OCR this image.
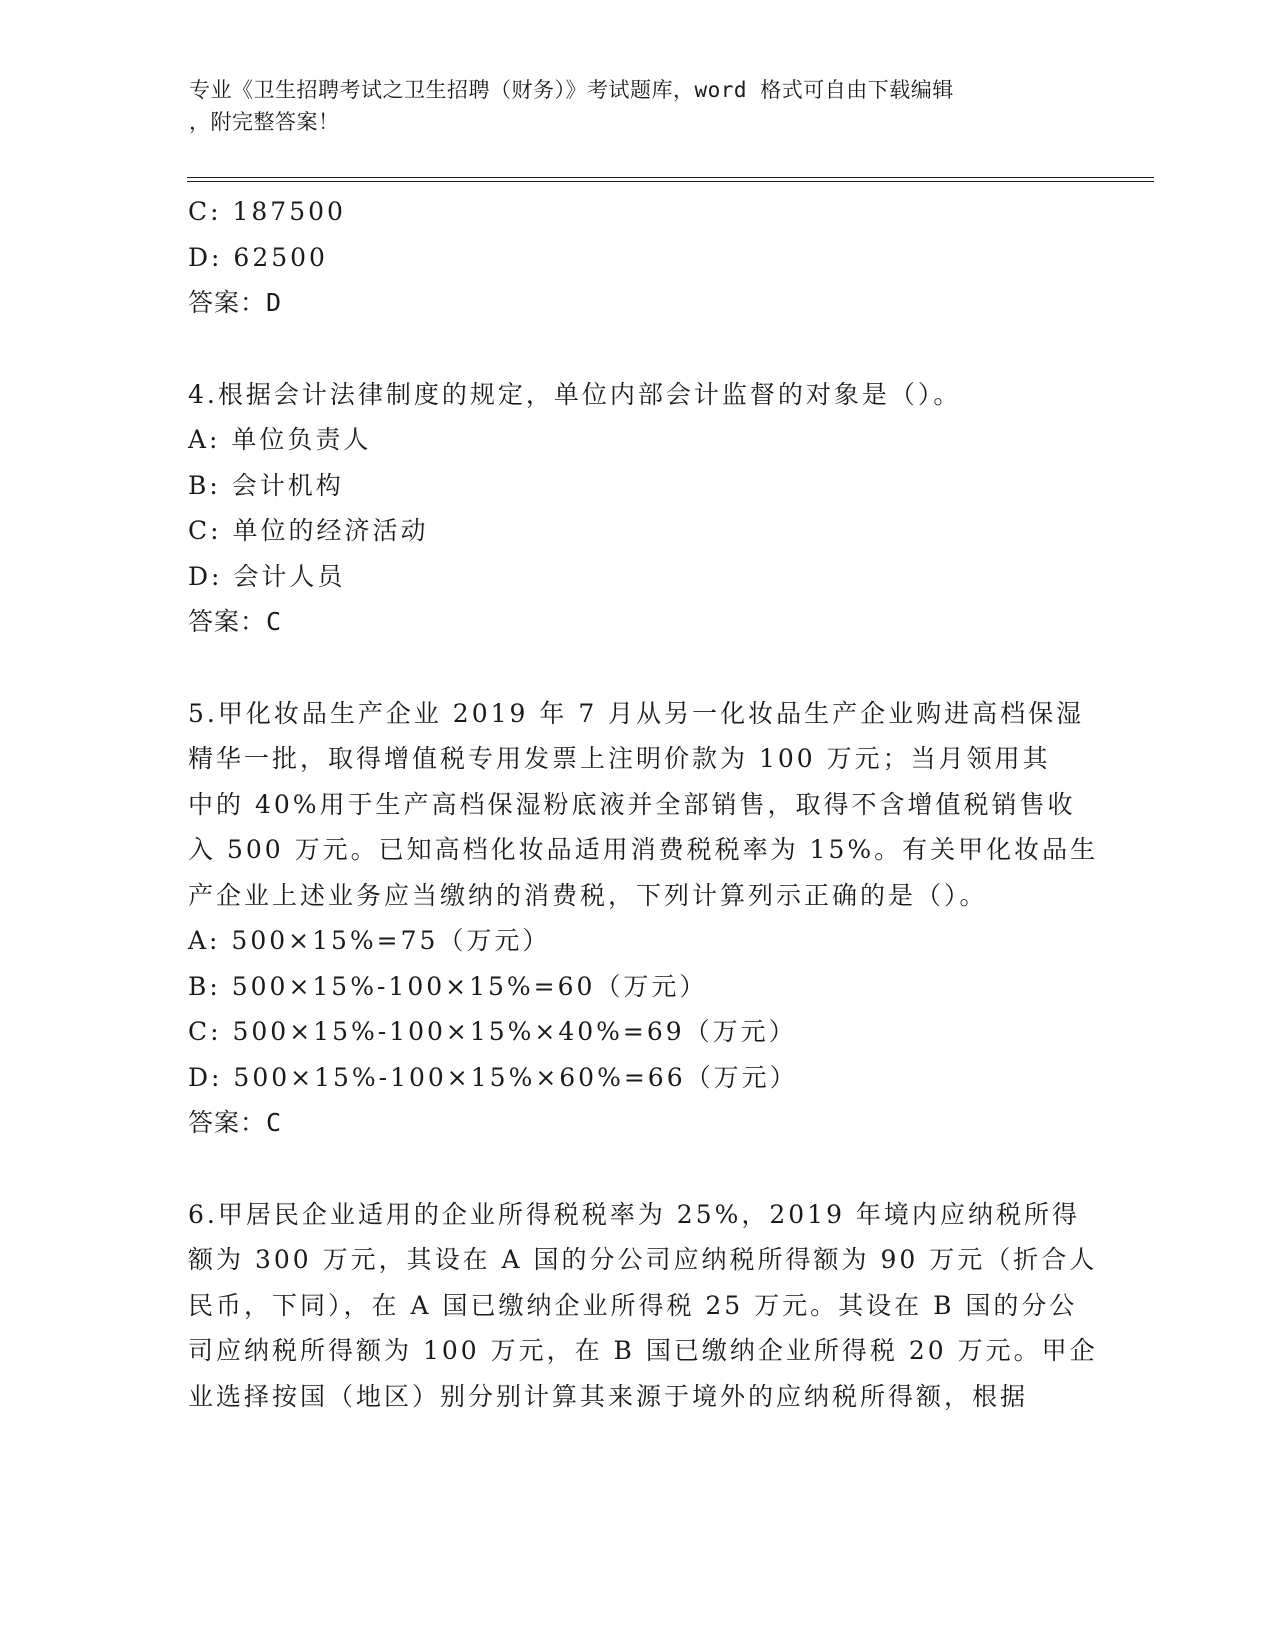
专业《卫生招聘考试之卫生招聘（财务）》考试题库，word 格式可自由下载编辑
，附完整答案！
C: 187500
D: 62500
答案：D
4.根据会计法律制度的规定，单位内部会计监督的对象是（）。
A: 单位负责人
B: 会计机构
C: 单位的经济活动
D: 会计人员
答案：C
5.甲化妆品生产企业 2019 年 7 月从另一化妆品生产企业购进高档保湿
精华一批，取得增值税专用发票上注明价款为 100 万元；当月领用其
中的 40%用于生产高档保湿粉底液并全部销售，取得不含增值税销售收
入 500 万元。已知高档化妆品适用消费税税率为 15%。有关甲化妆品生
产企业上述业务应当缴纳的消费税，下列计算列示正确的是（）。
A: 500×15%=75（万元）
B: 500×15%-100×15%=60（万元）
C: 500×15%-100×15%×40%=69（万元）
D: 500×15%-100×15%×60%=66（万元）
答案：C
6.甲居民企业适用的企业所得税税率为 25%，2019 年境内应纳税所得
额为 300 万元，其设在 A 国的分公司应纳税所得额为 90 万元（折合人
民币，下同），在 A 国已缴纳企业所得税 25 万元。其设在 B 国的分公
司应纳税所得额为 100 万元，在 B 国已缴纳企业所得税 20 万元。甲企
业选择按国（地区）别分别计算其来源于境外的应纳税所得额，根据
